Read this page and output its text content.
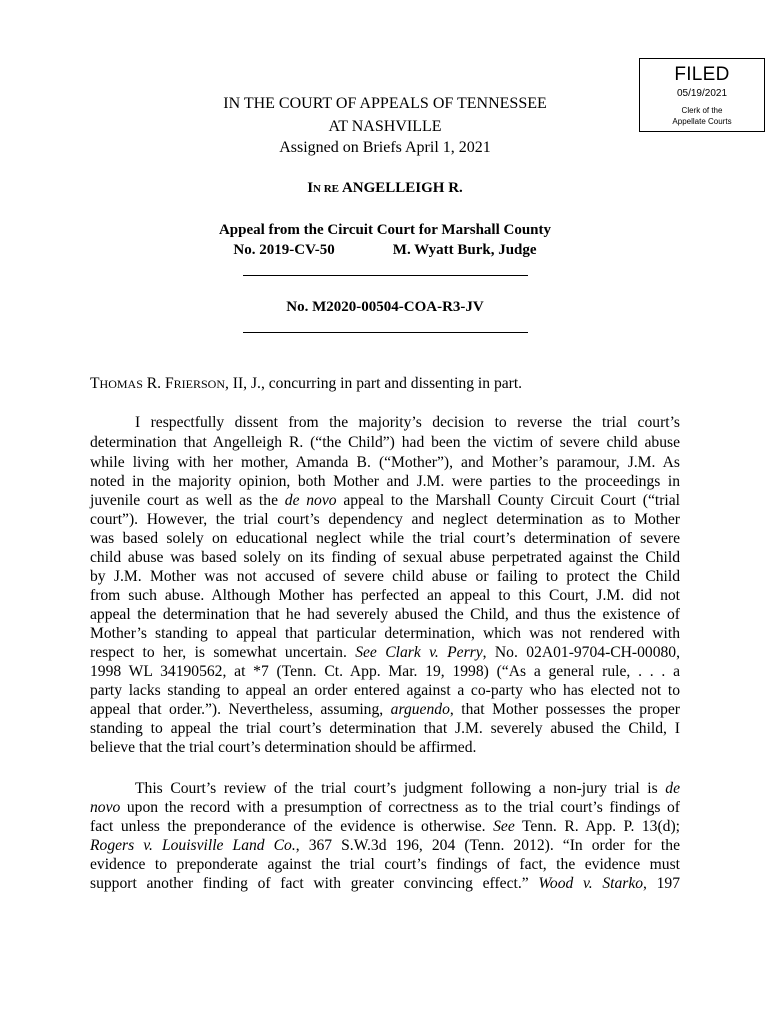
FILED
05/19/2021
Clerk of the
Appellate Courts
IN THE COURT OF APPEALS OF TENNESSEE
AT NASHVILLE
Assigned on Briefs April 1, 2021
IN RE ANGELLEIGH R.
Appeal from the Circuit Court for Marshall County
No. 2019-CV-50	M. Wyatt Burk, Judge
No. M2020-00504-COA-R3-JV
THOMAS R. FRIERSON, II, J., concurring in part and dissenting in part.
I respectfully dissent from the majority’s decision to reverse the trial court’s
determination that Angelleigh R. (“the Child”) had been the victim of severe child abuse
while living with her mother, Amanda B. (“Mother”), and Mother’s paramour, J.M. As
noted in the majority opinion, both Mother and J.M. were parties to the proceedings in
juvenile court as well as the de novo appeal to the Marshall County Circuit Court (“trial
court”). However, the trial court’s dependency and neglect determination as to Mother
was based solely on educational neglect while the trial court’s determination of severe
child abuse was based solely on its finding of sexual abuse perpetrated against the Child
by J.M. Mother was not accused of severe child abuse or failing to protect the Child
from such abuse. Although Mother has perfected an appeal to this Court, J.M. did not
appeal the determination that he had severely abused the Child, and thus the existence of
Mother’s standing to appeal that particular determination, which was not rendered with
respect to her, is somewhat uncertain. See Clark v. Perry, No. 02A01-9704-CH-00080,
1998 WL 34190562, at *7 (Tenn. Ct. App. Mar. 19, 1998) (“As a general rule, . . . a
party lacks standing to appeal an order entered against a co-party who has elected not to
appeal that order.”). Nevertheless, assuming, arguendo, that Mother possesses the proper
standing to appeal the trial court’s determination that J.M. severely abused the Child, I
believe that the trial court’s determination should be affirmed.
This Court’s review of the trial court’s judgment following a non-jury trial is de
novo upon the record with a presumption of correctness as to the trial court’s findings of
fact unless the preponderance of the evidence is otherwise. See Tenn. R. App. P. 13(d);
Rogers v. Louisville Land Co., 367 S.W.3d 196, 204 (Tenn. 2012). “In order for the
evidence to preponderate against the trial court’s findings of fact, the evidence must
support another finding of fact with greater convincing effect.” Wood v. Starko, 197
